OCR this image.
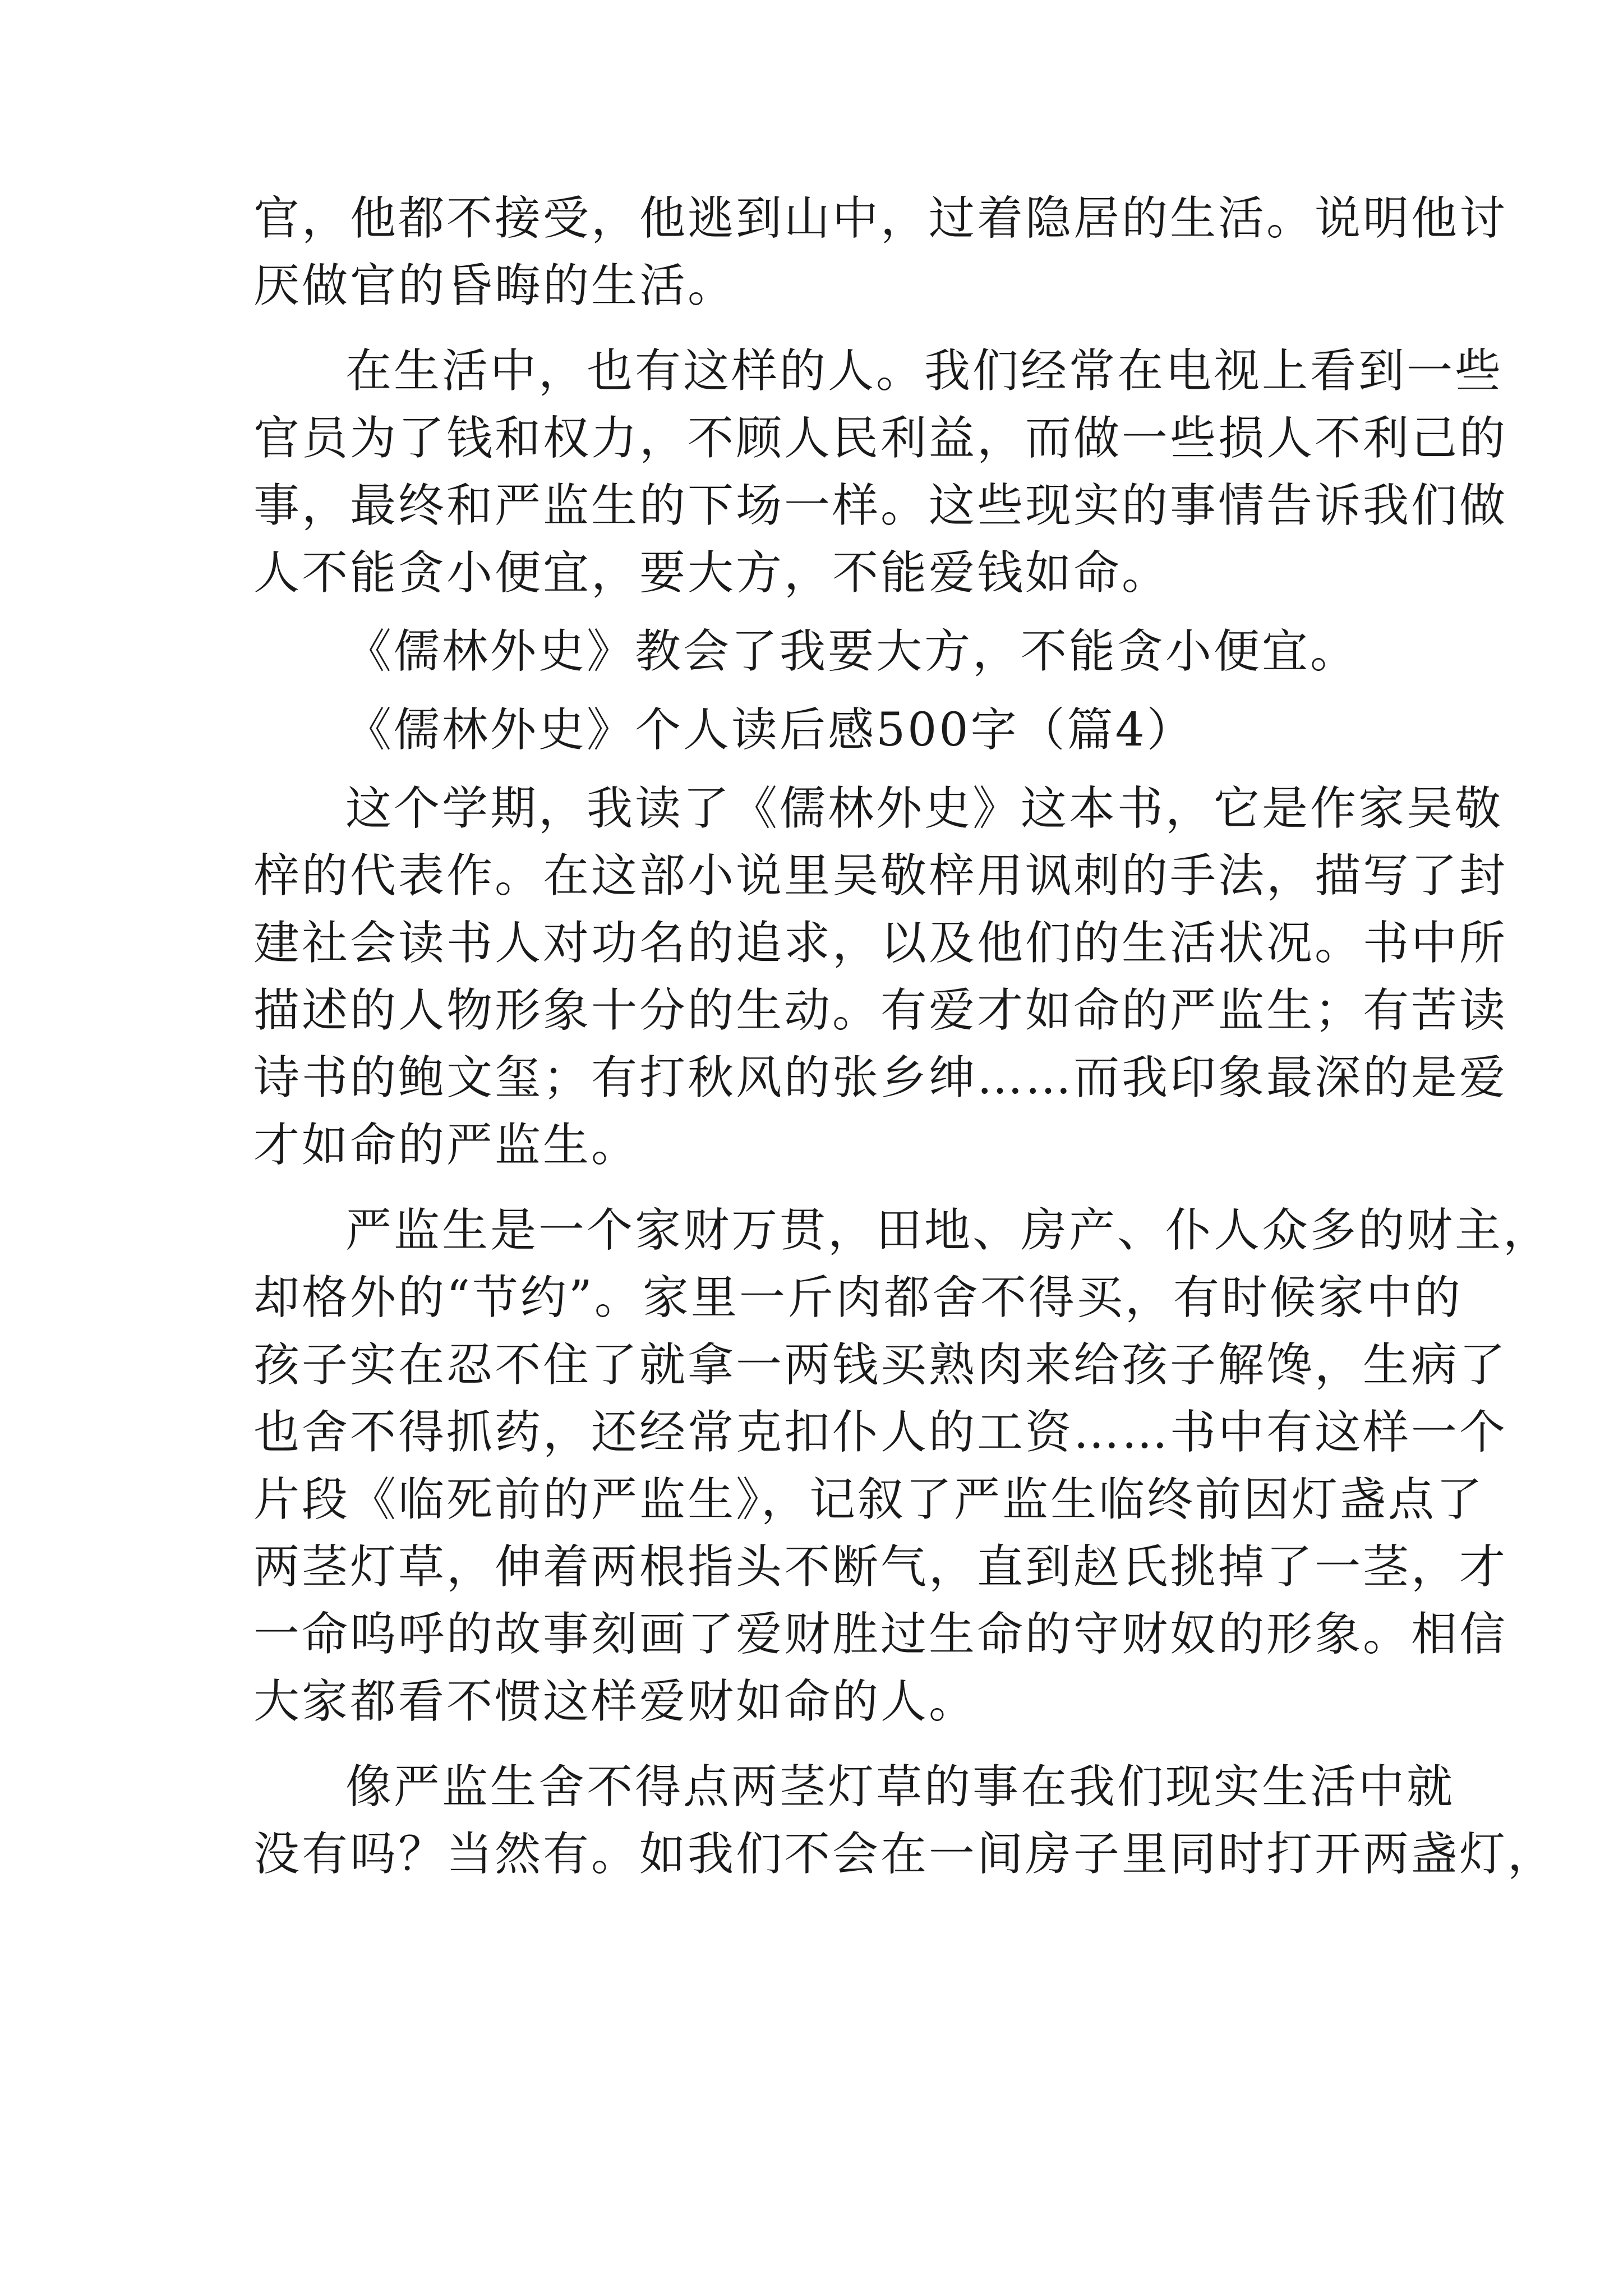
官，他都不接受，他逃到山中，过着隐居的生活。说明他讨
厌做官的昏晦的生活。
在生活中，也有这样的人。我们经常在电视上看到一些
官员为了钱和权力，不顾人民利益，而做一些损人不利己的
事，最终和严监生的下场一样。这些现实的事情告诉我们做
人不能贪小便宜，要大方，不能爱钱如命。
《儒林外史》教会了我要大方，不能贪小便宜。
《儒林外史》个人读后感500字（篇4）
这个学期，我读了《儒林外史》这本书，它是作家吴敬
梓的代表作。在这部小说里吴敬梓用讽刺的手法，描写了封
建社会读书人对功名的追求，以及他们的生活状况。书中所
描述的人物形象十分的生动。有爱才如命的严监生；有苦读
诗书的鲍文玺；有打秋风的张乡绅……而我印象最深的是爱
才如命的严监生。
严监生是一个家财万贯，田地、房产、仆人众多的财主，
却格外的“节约”。家里一斤肉都舍不得买，有时候家中的
孩子实在忍不住了就拿一两钱买熟肉来给孩子解馋，生病了
也舍不得抓药，还经常克扣仆人的工资……书中有这样一个
片段《临死前的严监生》，记叙了严监生临终前因灯盏点了
两茎灯草，伸着两根指头不断气，直到赵氏挑掉了一茎，才
一命呜呼的故事刻画了爱财胜过生命的守财奴的形象。相信
大家都看不惯这样爱财如命的人。
像严监生舍不得点两茎灯草的事在我们现实生活中就
没有吗？当然有。如我们不会在一间房子里同时打开两盏灯，
